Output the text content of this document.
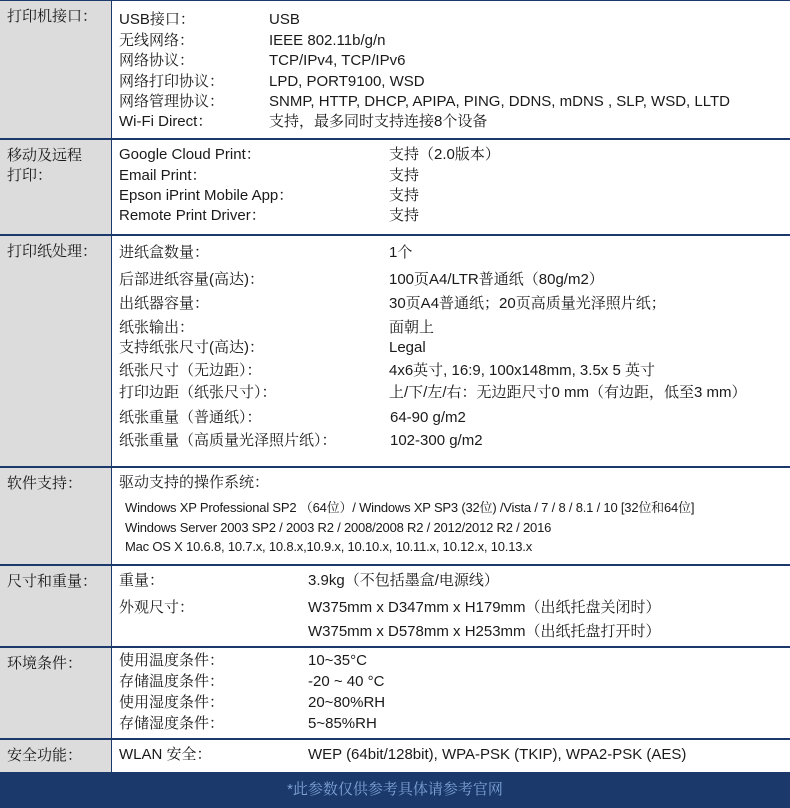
打印机接口：	USB接口：	USB
无线网络：	IEEE 802.11b/g/n
网络协议：	TCP/IPv4, TCP/IPv6
网络打印协议：	LPD, PORT9100, WSD
网络管理协议：	SNMP, HTTP, DHCP, APIPA, PING, DDNS, mDNS , SLP, WSD, LLTD
Wi-Fi Direct：	支持，最多同时支持连接8个设备
移动及远程
打印：
Google Cloud Print：	支持（2.0版本）
Email Print：	支持
Epson iPrint Mobile App：	支持
Remote Print Driver：	支持
打印纸处理：	进纸盒数量：	1个
后部进纸容量(高达)：	100页A4/LTR普通纸（80g/m2）
出纸器容量：	30页A4普通纸；20页高质量光泽照片纸；
纸张输出：	面朝上
支持纸张尺寸(高达)：	Legal
纸张尺寸（无边距）：	4x6英寸, 16:9, 100x148mm, 3.5x 5 英寸
打印边距（纸张尺寸）：	上/下/左/右：无边距尺寸0 mm（有边距，低至3 mm）
纸张重量（普通纸）：	64-90 g/m2
纸张重量（高质量光泽照片纸）：	102-300 g/m2
软件支持：	驱动支持的操作系统：
Windows XP Professional SP2 （64位）/ Windows XP SP3 (32位) /Vista / 7 / 8 / 8.1 / 10 [32位和64位]
Windows Server 2003 SP2 / 2003 R2 / 2008/2008 R2 / 2012/2012 R2 / 2016
Mac OS X 10.6.8, 10.7.x, 10.8.x,10.9.x, 10.10.x, 10.11.x, 10.12.x, 10.13.x
尺寸和重量：	重量：	3.9kg（不包括墨盒/电源线）
外观尺寸：	W375mm x D347mm x H179mm（出纸托盘关闭时）
W375mm x D578mm x H253mm（出纸托盘打开时）
环境条件：	使用温度条件：	10~35°C
存储温度条件：	-20 ~ 40 °C
使用湿度条件：	20~80%RH
存储湿度条件：	5~85%RH
安全功能：	WLAN 安全：	WEP (64bit/128bit), WPA-PSK (TKIP), WPA2-PSK (AES)
*此参数仅供参考具体请参考官网
